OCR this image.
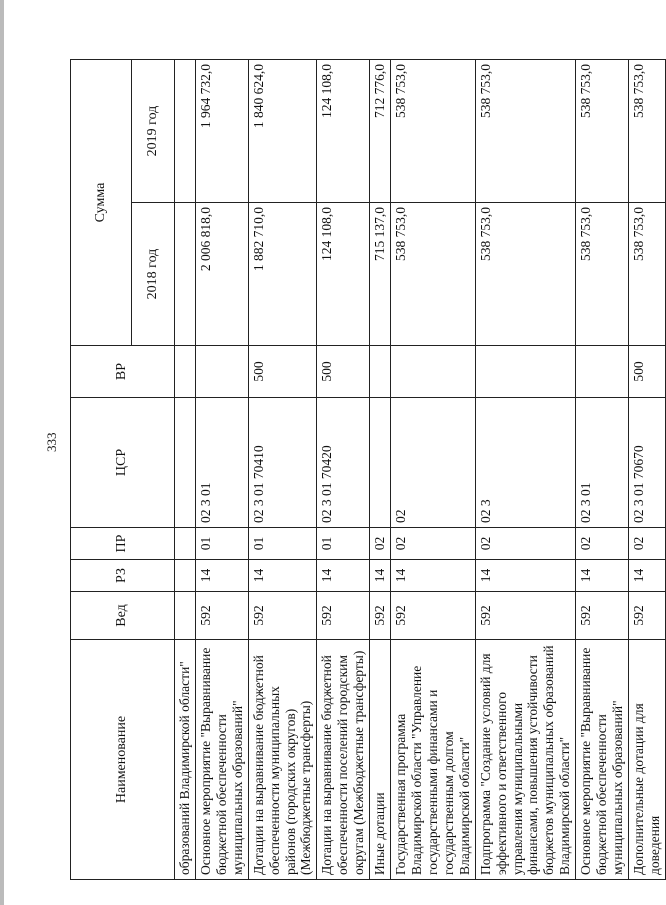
333
Наименование	Вед	РЗ	ПР	ЦСР	ВР	Сумма	
						2018 год	2019 год
образований Владимирской области"							
Основное мероприятие "Выравнивание бюджетной обеспеченности муниципальных образований"	592	14	01	02 3 01		2 006 818,0	1 964 732,0
Дотации на выравнивание бюджетной обеспеченности муниципальных районов (городских округов) (Межбюджетные трансферты)	592	14	01	02 3 01 70410	500	1 882 710,0	1 840 624,0
Дотации на выравнивание бюджетной обеспеченности поселений городским округам (Межбюджетные трансферты)	592	14	01	02 3 01 70420	500	124 108,0	124 108,0
Иные дотации	592	14	02			715 137,0	712 776,0
Государственная программа Владимирской области "Управление государственными финансами и государственным долгом Владимирской области"	592	14	02	02		538 753,0	538 753,0
Подпрограмма "Создание условий для эффективного и ответственного управления муниципальными финансами, повышения устойчивости бюджетов муниципальных образований Владимирской области"	592	14	02	02 3		538 753,0	538 753,0
Основное мероприятие "Выравнивание бюджетной обеспеченности муниципальных образований"	592	14	02	02 3 01		538 753,0	538 753,0
Дополнительные дотации для доведения	592	14	02	02 3 01 70670	500	538 753,0	538 753,0
